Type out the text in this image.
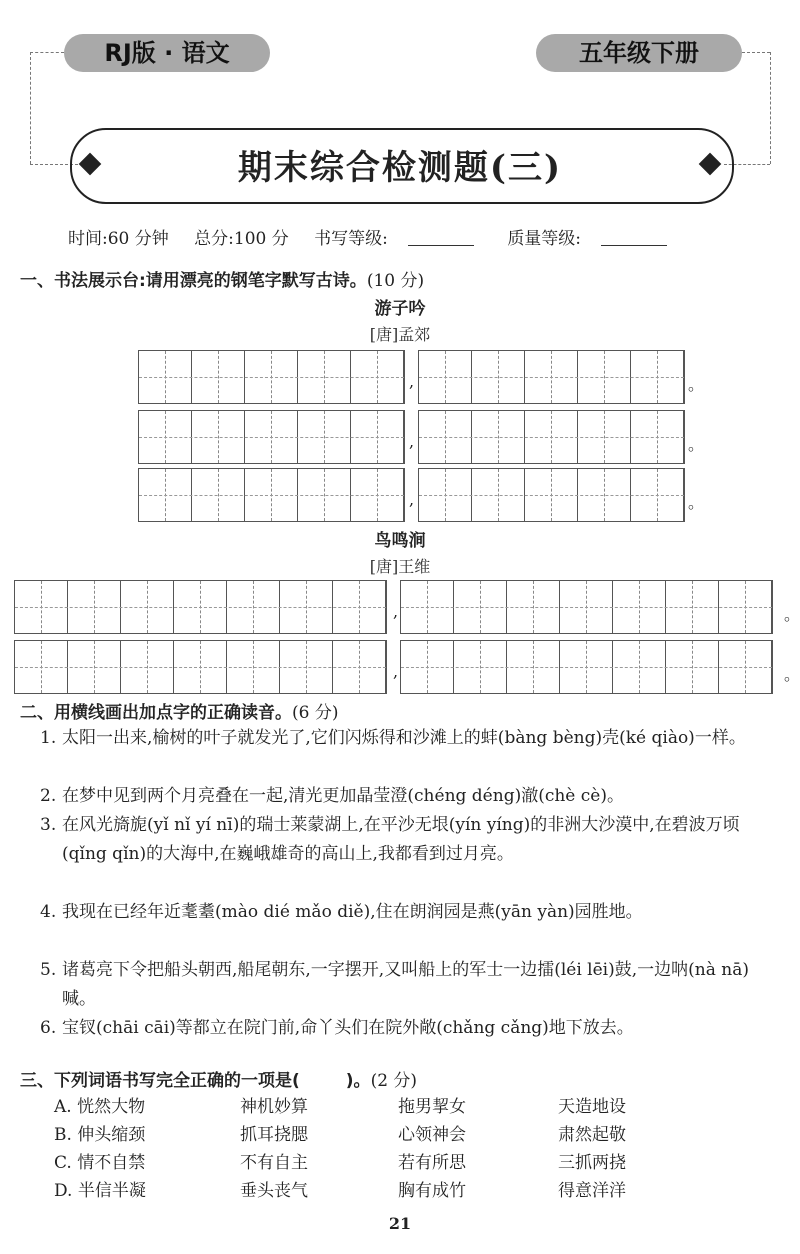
RJ版 · 语文	五年级下册
期末综合检测题(三)
时间:60 分钟 总分:100 分 书写等级:	质量等级:
一、书法展示台:请用漂亮的钢笔字默写古诗。(10 分)
游子吟
[唐]孟郊
,	。
,	。
,	。
,	。
,	。
鸟鸣涧
[唐]王维
二、用横线画出加点字的正确读音。(6 分)
1. 太阳一出来,榆树的叶子就发光了,它们闪烁得和沙滩上的蚌(bàng bèng)壳(ké qiào)一样。
2. 在梦中见到两个月亮叠在一起,清光更加晶莹澄(chéng déng)澈(chè cè)。
3. 在风光旖旎(yǐ nǐ yí nī)的瑞士莱蒙湖上,在平沙无垠(yín yíng)的非洲大沙漠中,在碧波万顷(qǐng qǐn)的大海中,在巍峨雄奇的高山上,我都看到过月亮。
4. 我现在已经年近耄耋(mào dié mǎo diě),住在朗润园是燕(yān yàn)园胜地。
5. 诸葛亮下令把船头朝西,船尾朝东,一字摆开,又叫船上的军士一边擂(léi lēi)鼓,一边呐(nà nā)喊。
6. 宝钗(chāi cāi)等都立在院门前,命丫头们在院外敞(chǎng cǎng)地下放去。
三、下列词语书写完全正确的一项是(	)。(2 分)
A. 恍然大物	神机妙算	拖男挈女	天造地设
B. 伸头缩颈	抓耳挠腮	心领神会	肃然起敬
C. 情不自禁	不有自主	若有所思	三抓两挠
D. 半信半凝	垂头丧气	胸有成竹	得意洋洋
21
